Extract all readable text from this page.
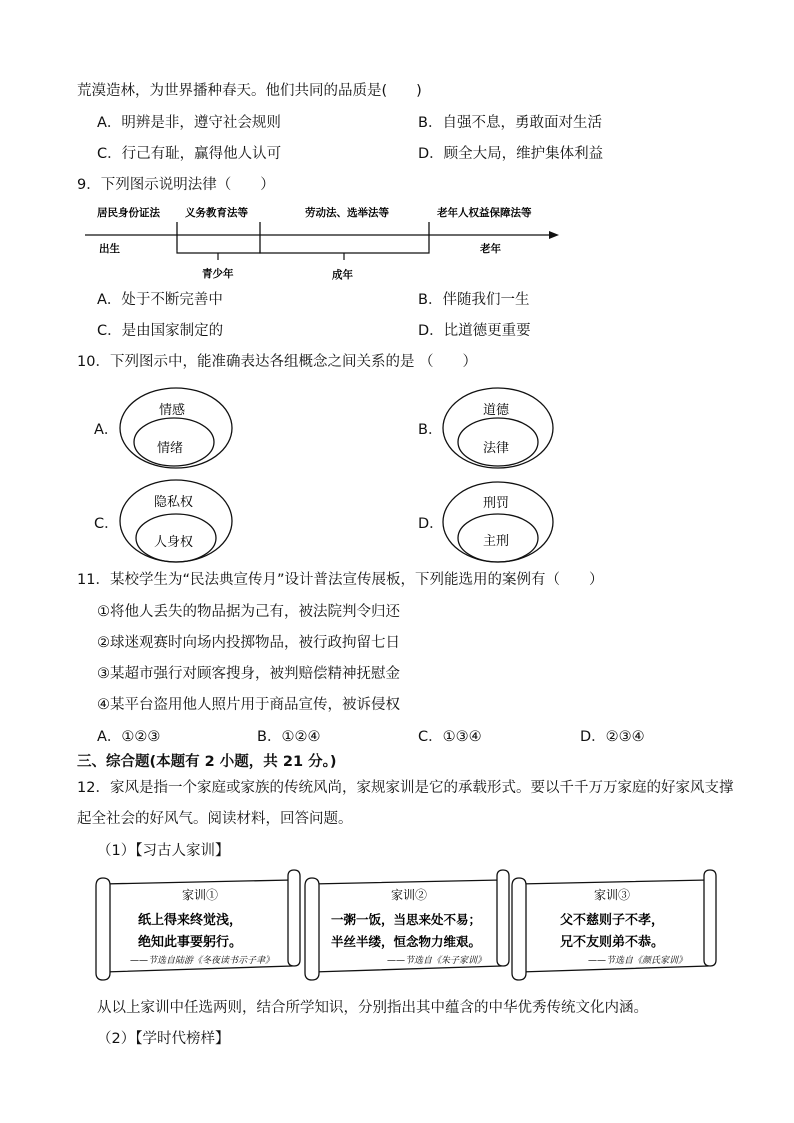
荒漠造林，为世界播种春天。他们共同的品质是(　　)
A．明辨是非，遵守社会规则	B．自强不息，勇敢面对生活
C．行己有耻，赢得他人认可	D．顾全大局，维护集体利益
9．下列图示说明法律（　　）
居民身份证法 义务教育法等	劳动法、选举法等	老年人权益保障法等
出生	老年
青少年	成年
A．处于不断完善中	B．伴随我们一生
C．是由国家制定的	D．比道德更重要
10．下列图示中，能准确表达各组概念之间关系的是 （　　）
A．
情感
情绪
B．
道德
法律
C．
隐私权
人身权
D．
刑罚
主刑
11．某校学生为“民法典宣传月”设计普法宣传展板，下列能选用的案例有（　　）
①将他人丢失的物品据为己有，被法院判令归还
②球迷观赛时向场内投掷物品，被行政拘留七日
③某超市强行对顾客搜身，被判赔偿精神抚慰金
④某平台盗用他人照片用于商品宣传，被诉侵权
A．①②③	B．①②④	C．①③④	D．②③④
三、综合题(本题有 2 小题，共 21 分。)
12．家风是指一个家庭或家族的传统风尚，家规家训是它的承载形式。要以千千万万家庭的好家风支撑
起全社会的好风气。阅读材料，回答问题。
（1）【习古人家训】
家训①
纸上得来终觉浅，
绝知此事要躬行。
——节选自陆游《冬夜读书示子聿》
家训②
一粥一饭，当思来处不易；
半丝半缕，恒念物力维艰。
——节选自《朱子家训》
家训③
父不慈则子不孝，
兄不友则弟不恭。
——节选自《颜氏家训》
从以上家训中任选两则，结合所学知识，分别指出其中蕴含的中华优秀传统文化内涵。
（2）【学时代榜样】
